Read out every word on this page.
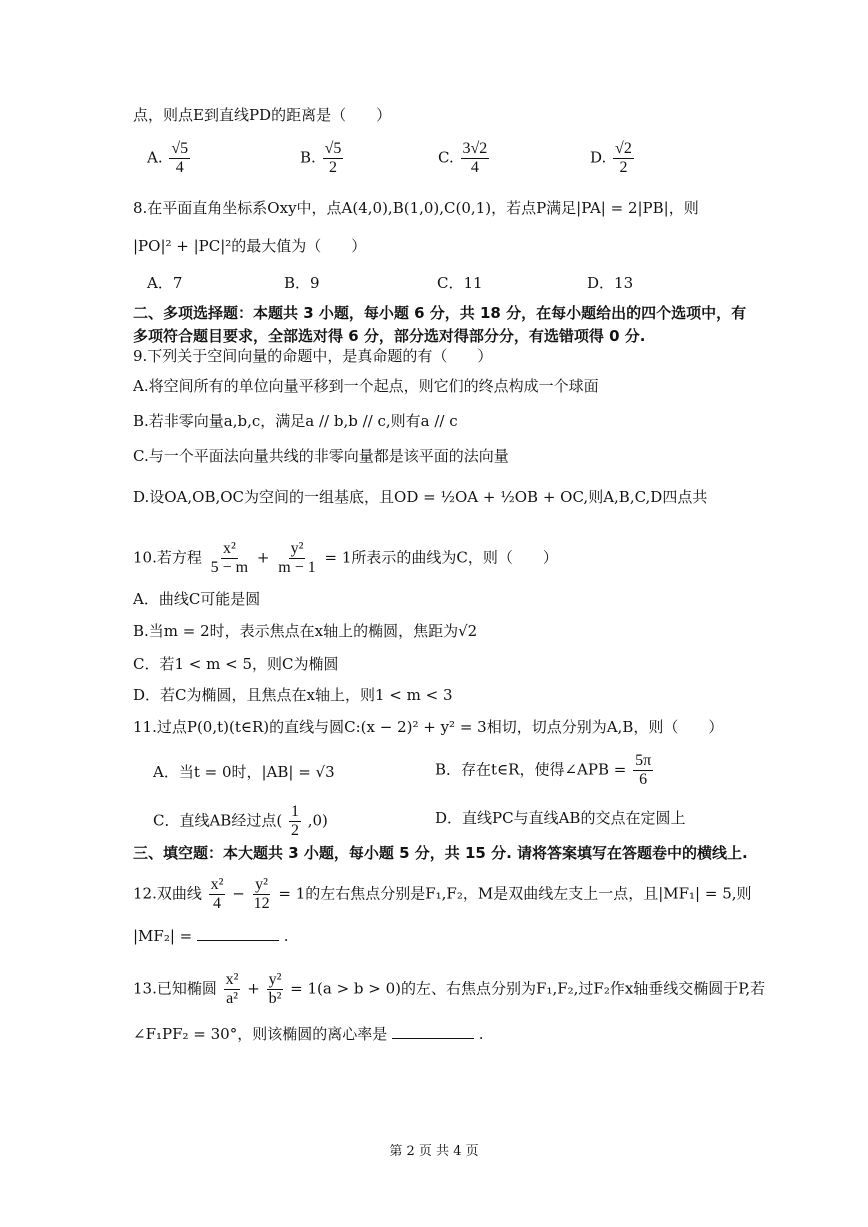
点，则点E到直线PD的距离是（　　）
A. $\frac{√5}{4}$	B. $\frac{√5}{2}$	C. $\frac{3√2}{4}$	D. $\frac{√2}{2}$
8.在平面直角坐标系Oxy中，点A(4,0),B(1,0),C(0,1)，若点P满足|PA| = 2|PB|，则
|PO|² + |PC|²的最大值为（　　）
A．7	B．9	C．11	D．13
二、多项选择题：本题共 3 小题，每小题 6 分，共 18 分，在每小题给出的四个选项中，有
多项符合题目要求，全部选对得 6 分，部分选对得部分分，有选错项得 0 分.
9.下列关于空间向量的命题中，是真命题的有（　　）
A.将空间所有的单位向量平移到一个起点，则它们的终点构成一个球面
B.若非零向量a,b,c，满足a // b,b // c,则有a // c
C.与一个平面法向量共线的非零向量都是该平面的法向量
D.设OA,OB,OC为空间的一组基底，且OD = ½OA + ½OB + OC,则A,B,C,D四点共
10.若方程 $\frac{\text{x²}}{5 - m} + \frac{\text{y²}}{m - 1} = 1$所表示的曲线为C，则（　　）
A．曲线C可能是圆
B.当m = 2时，表示焦点在x轴上的椭圆，焦距为√2
C．若1 < m < 5，则C为椭圆
D．若C为椭圆，且焦点在x轴上，则1 < m < 3
11.过点P(0,t)(t∈R)的直线与圆C:(x − 2)² + y² = 3相切，切点分别为A,B，则（　　）
A．当t = 0时，|AB| = √3	B．存在t∈R，使得∠APB = $\frac{5\pi}{6}$
C．直线AB经过点( $\frac{1}{2} ,0$)	D．直线PC与直线AB的交点在定圆上
三、填空题：本大题共 3 小题，每小题 5 分，共 15 分. 请将答案填写在答题卷中的横线上.
12.双曲线 $\frac{\text{x²}}{4} - \frac{\text{y²}}{12} = 1$的左右焦点分别是F₁,F₂，M是双曲线左支上一点，且|MF₁| = 5,则
|MF₂| =	.
13.已知椭圆 $\frac{\text{x²}}{\text{a²}} + \frac{\text{y²}}{\text{b²}} = 1(a > b > 0)$的左、右焦点分别为F₁,F₂,过F₂作x轴垂线交椭圆于P,若
∠F₁PF₂ = 30°，则该椭圆的离心率是	.
第 2 页 共 4 页
